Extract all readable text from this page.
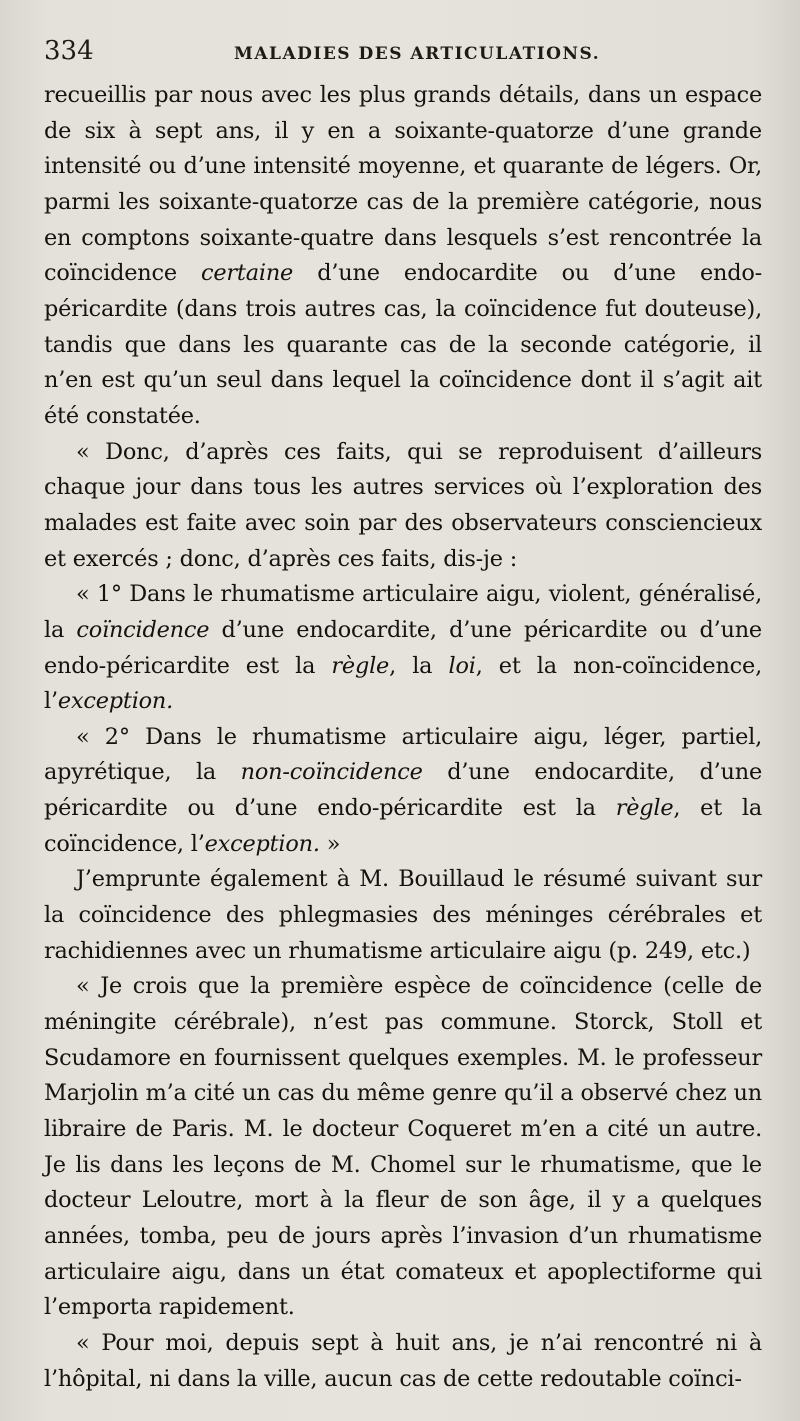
334	MALADIES DES ARTICULATIONS.

recueillis par nous avec les plus grands détails, dans un espace de six à sept ans, il y en a soixante-quatorze d’une grande intensité ou d’une intensité moyenne, et quarante de légers. Or, parmi les soixante-quatorze cas de la première catégorie, nous en comptons soixante-quatre dans lesquels s’est rencontrée la coïncidence certaine d’une endocardite ou d’une endo-péricardite (dans trois autres cas, la coïncidence fut douteuse), tandis que dans les quarante cas de la seconde catégorie, il n’en est qu’un seul dans lequel la coïncidence dont il s’agit ait été constatée.

« Donc, d’après ces faits, qui se reproduisent d’ailleurs chaque jour dans tous les autres services où l’exploration des malades est faite avec soin par des observateurs consciencieux et exercés ; donc, d’après ces faits, dis-je :

« 1° Dans le rhumatisme articulaire aigu, violent, généralisé, la coïncidence d’une endocardite, d’une péricardite ou d’une endo-péricardite est la règle, la loi, et la non-coïncidence, l’exception.

« 2° Dans le rhumatisme articulaire aigu, léger, partiel, apyrétique, la non-coïncidence d’une endocardite, d’une péricardite ou d’une endo-péricardite est la règle, et la coïncidence, l’exception. »

J’emprunte également à M. Bouillaud le résumé suivant sur la coïncidence des phlegmasies des méninges cérébrales et rachidiennes avec un rhumatisme articulaire aigu (p. 249, etc.)

« Je crois que la première espèce de coïncidence (celle de méningite cérébrale), n’est pas commune. Storck, Stoll et Scudamore en fournissent quelques exemples. M. le professeur Marjolin m’a cité un cas du même genre qu’il a observé chez un libraire de Paris. M. le docteur Coqueret m’en a cité un autre. Je lis dans les leçons de M. Chomel sur le rhumatisme, que le docteur Leloutre, mort à la fleur de son âge, il y a quelques années, tomba, peu de jours après l’invasion d’un rhumatisme articulaire aigu, dans un état comateux et apoplectiforme qui l’emporta rapidement.

« Pour moi, depuis sept à huit ans, je n’ai rencontré ni à l’hôpital, ni dans la ville, aucun cas de cette redoutable coïnci-
